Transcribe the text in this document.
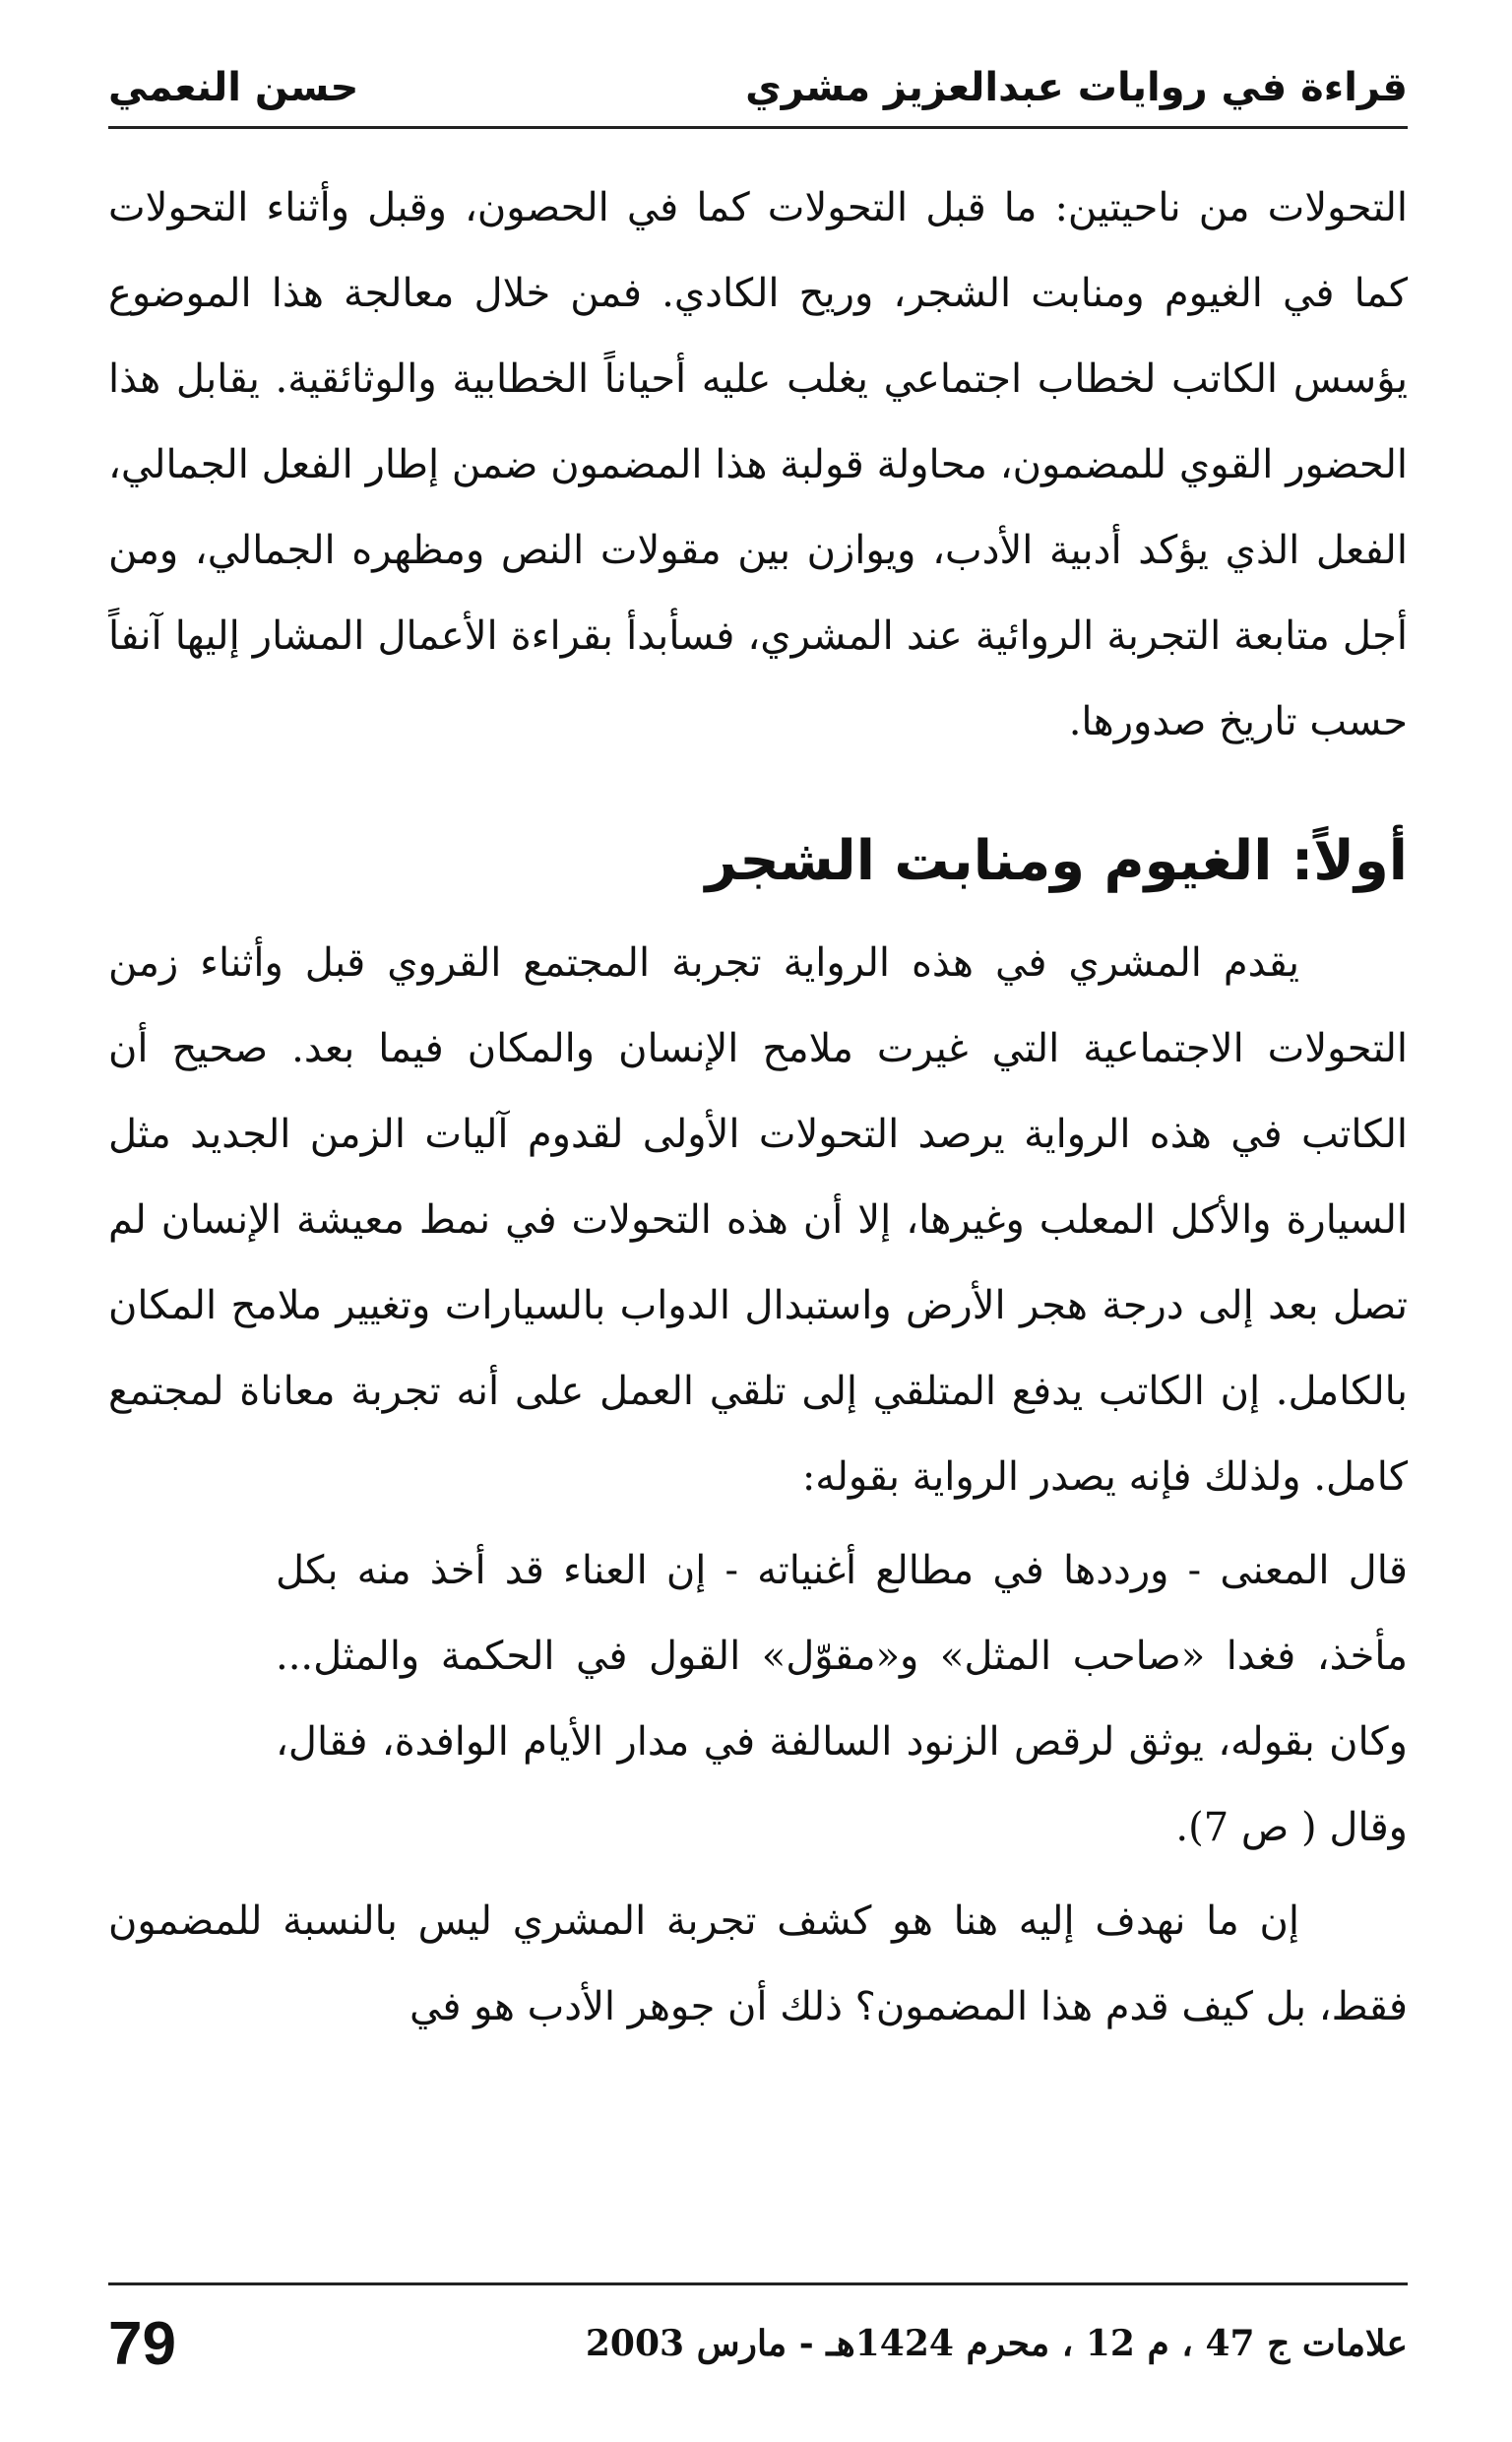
قراءة في روايات عبدالعزيز مشري
حسن النعمي

التحولات من ناحيتين: ما قبل التحولات كما في الحصون، وقبل وأثناء التحولات كما في الغيوم ومنابت الشجر، وريح الكادي. فمن خلال معالجة هذا الموضوع يؤسس الكاتب لخطاب اجتماعي يغلب عليه أحياناً الخطابية والوثائقية. يقابل هذا الحضور القوي للمضمون، محاولة قولبة هذا المضمون ضمن إطار الفعل الجمالي، الفعل الذي يؤكد أدبية الأدب، ويوازن بين مقولات النص ومظهره الجمالي، ومن أجل متابعة التجربة الروائية عند المشري، فسأبدأ بقراءة الأعمال المشار إليها آنفاً حسب تاريخ صدورها.

أولاً: الغيوم ومنابت الشجر

يقدم المشري في هذه الرواية تجربة المجتمع القروي قبل وأثناء زمن التحولات الاجتماعية التي غيرت ملامح الإنسان والمكان فيما بعد. صحيح أن الكاتب في هذه الرواية يرصد التحولات الأولى لقدوم آليات الزمن الجديد مثل السيارة والأكل المعلب وغيرها، إلا أن هذه التحولات في نمط معيشة الإنسان لم تصل بعد إلى درجة هجر الأرض واستبدال الدواب بالسيارات وتغيير ملامح المكان بالكامل. إن الكاتب يدفع المتلقي إلى تلقي العمل على أنه تجربة معاناة لمجتمع كامل. ولذلك فإنه يصدر الرواية بقوله:

قال المعنى - ورددها في مطالع أغنياته - إن العناء قد أخذ منه بكل مأخذ، فغدا «صاحب المثل» و«مقوّل» القول في الحكمة والمثل... وكان بقوله، يوثق لرقص الزنود السالفة في مدار الأيام الوافدة، فقال، وقال ( ص 7).

إن ما نهدف إليه هنا هو كشف تجربة المشري ليس بالنسبة للمضمون فقط، بل كيف قدم هذا المضمون؟ ذلك أن جوهر الأدب هو في

علامات ج 47 ، م 12 ، محرم 1424هـ - مارس 2003
79
